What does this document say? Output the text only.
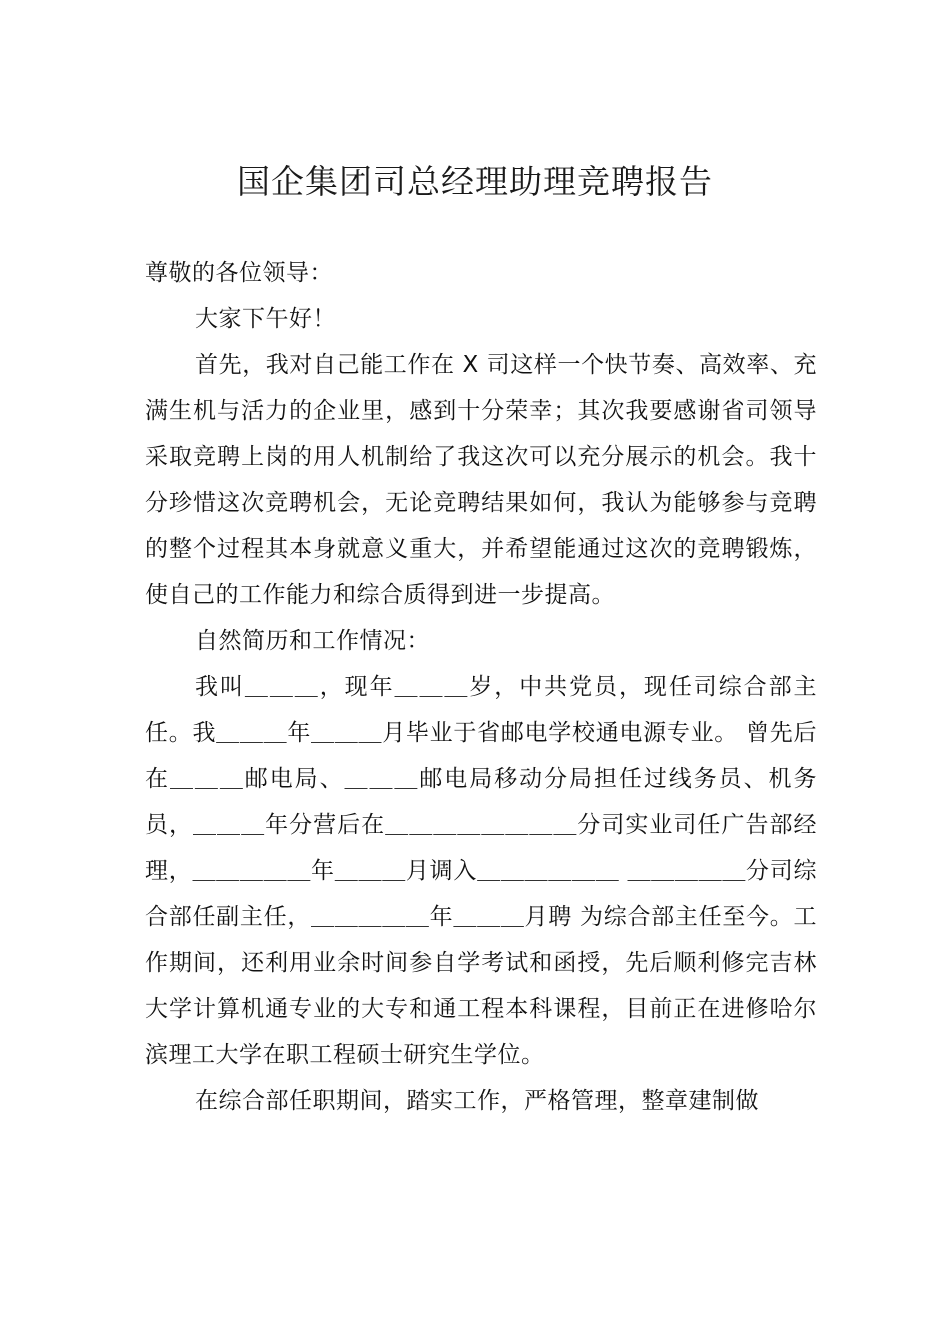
国企集团司总经理助理竞聘报告

尊敬的各位领导：

大家下午好！

首先，我对自己能工作在 X 司这样一个快节奏、高效率、充满生机与活力的企业里，感到十分荣幸；其次我要感谢省司领导采取竞聘上岗的用人机制给了我这次可以充分展示的机会。我十分珍惜这次竞聘机会，无论竞聘结果如何，我认为能够参与竞聘的整个过程其本身就意义重大，并希望能通过这次的竞聘锻炼，使自己的工作能力和综合质得到进一步提高。

自然简历和工作情况：

我叫＿＿＿，现年＿＿＿岁，中共党员，现任司综合部主任。我＿＿＿年＿＿＿月毕业于省邮电学校通电源专业。 曾先后在＿＿＿邮电局、＿＿＿邮电局移动分局担任过线务员、机务员，＿＿＿年分营后在＿＿＿＿＿＿＿＿分司实业司任广告部经理，＿＿＿＿＿年＿＿＿月调入＿＿＿＿＿＿ ＿＿＿＿＿分司综合部任副主任，＿＿＿＿＿年＿＿＿月聘 为综合部主任至今。工作期间，还利用业余时间参自学考试和函授，先后顺利修完吉林大学计算机通专业的大专和通工程本科课程，目前正在进修哈尔滨理工大学在职工程硕士研究生学位。

在综合部任职期间，踏实工作，严格管理，整章建制做
